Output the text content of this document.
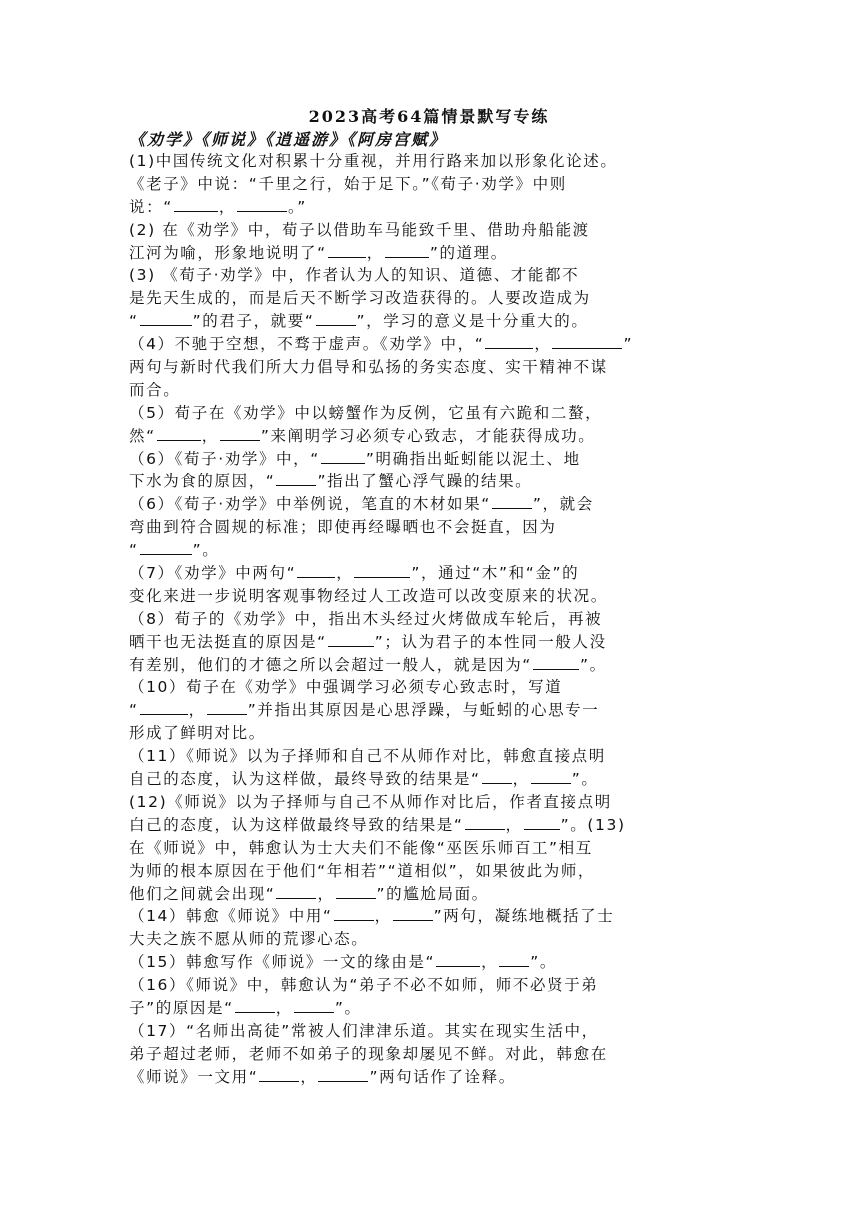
2023高考64篇情景默写专练
《劝学》《师说》《逍遥游》《阿房宫赋》
(1)中国传统文化对积累十分重视，并用行路来加以形象化论述。
《老子》中说：“千里之行，始于足下。”《荀子·劝学》中则
说：“	，	。”
(2) 在《劝学》中，荀子以借助车马能致千里、借助舟船能渡
江河为喻，形象地说明了“	，	”的道理。
(3) 《荀子·劝学》中，作者认为人的知识、道德、才能都不
是先天生成的，而是后天不断学习改造获得的。人要改造成为
“	”的君子，就要“	”，学习的意义是十分重大的。
（4）不驰于空想，不骛于虚声。《劝学》中，“	，	”
两句与新时代我们所大力倡导和弘扬的务实态度、实干精神不谋
而合。
（5）荀子在《劝学》中以螃蟹作为反例，它虽有六跪和二螯，
然“	，	”来阐明学习必须专心致志，才能获得成功。
（6）《荀子·劝学》中，“	”明确指出蚯蚓能以泥土、地
下水为食的原因，“	”指出了蟹心浮气躁的结果。
（6）《荀子·劝学》中举例说，笔直的木材如果“	”，就会
弯曲到符合圆规的标准；即使再经曝晒也不会挺直，因为
“	”。
（7）《劝学》中两句“	，	”，通过“木”和“金”的
变化来进一步说明客观事物经过人工改造可以改变原来的状况。
（8）荀子的《劝学》中，指出木头经过火烤做成车轮后，再被
晒干也无法挺直的原因是“	”；认为君子的本性同一般人没
有差别，他们的才德之所以会超过一般人，就是因为“	”。
（10）荀子在《劝学》中强调学习必须专心致志时，写道
“	，	”并指出其原因是心思浮躁，与蚯蚓的心思专一
形成了鲜明对比。
（11）《师说》以为子择师和自己不从师作对比，韩愈直接点明
自己的态度，认为这样做，最终导致的结果是“ ，	”。
(12)《师说》以为子择师与自己不从师作对比后，作者直接点明
白己的态度，认为这样做最终导致的结果是“	， ”。(13)
在《师说》中，韩愈认为士大夫们不能像“巫医乐师百工”相互
为师的根本原因在于他们“年相若”“道相似”，如果彼此为师，
他们之间就会出现“	，	”的尴尬局面。
（14）韩愈《师说》中用“	，	”两句，凝练地概括了士
大夫之族不愿从师的荒谬心态。
（15）韩愈写作《师说》一文的缘由是“	， ”。
（16）《师说》中，韩愈认为“弟子不必不如师，师不必贤于弟
子”的原因是“	，	”。
（17）“名师出高徒”常被人们津津乐道。其实在现实生活中，
弟子超过老师，老师不如弟子的现象却屡见不鲜。对此，韩愈在
《师说》一文用“	，	”两句话作了诠释。
